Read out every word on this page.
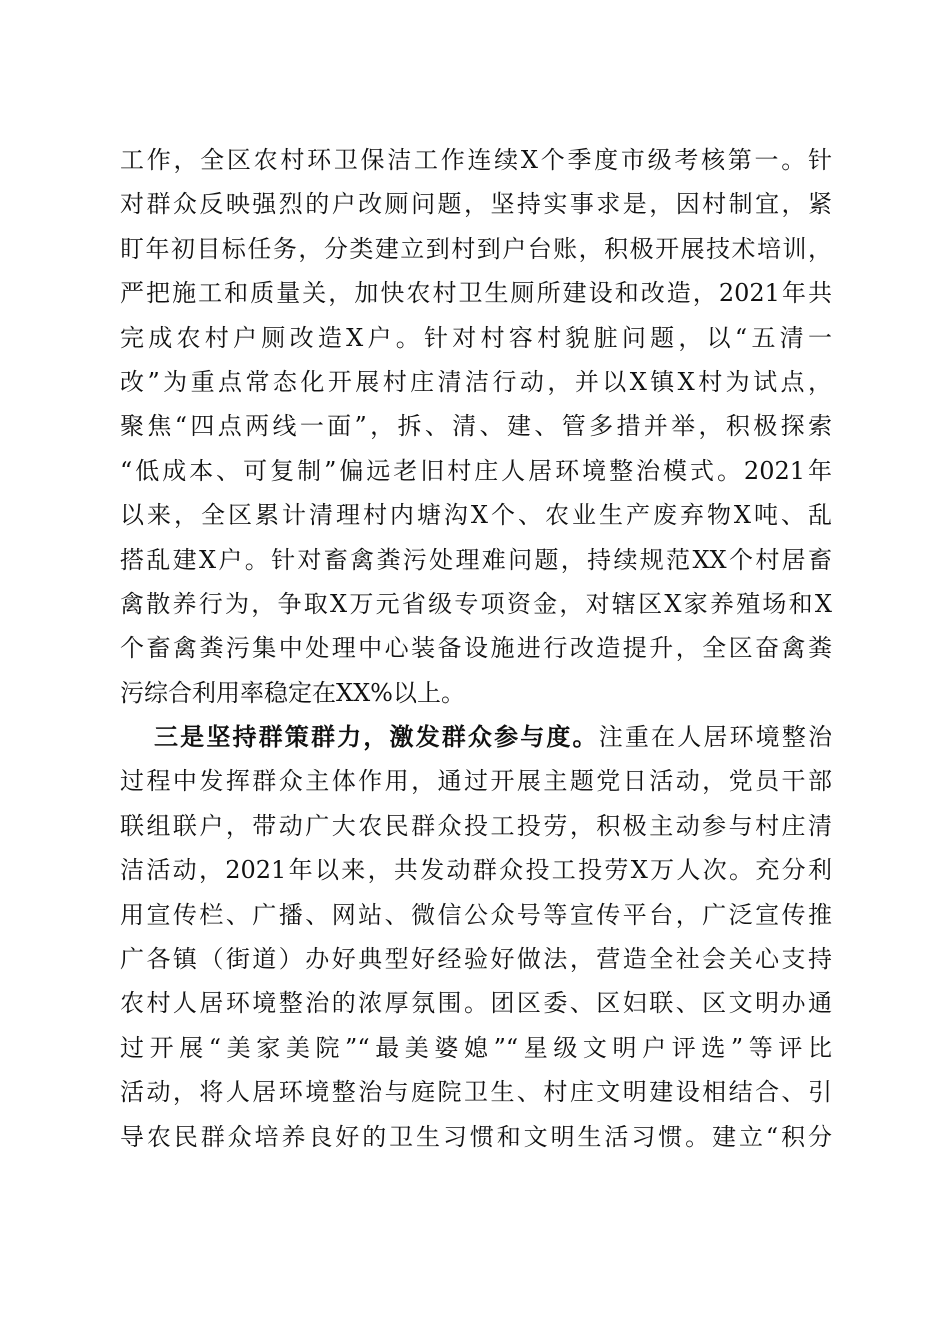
工作，全区农村环卫保洁工作连续X个季度市级考核第一。针
对群众反映强烈的户改厕问题，坚持实事求是，因村制宜，紧
盯年初目标任务，分类建立到村到户台账，积极开展技术培训，
严把施工和质量关，加快农村卫生厕所建设和改造，2021年共
完成农村户厕改造X户。针对村容村貌脏问题，以“五清一
改”为重点常态化开展村庄清洁行动，并以X镇X村为试点，
聚焦“四点两线一面”，拆、清、建、管多措并举，积极探索
“低成本、可复制”偏远老旧村庄人居环境整治模式。2021年
以来，全区累计清理村内塘沟X个、农业生产废弃物X吨、乱
搭乱建X户。针对畜禽粪污处理难问题，持续规范XX个村居畜
禽散养行为，争取X万元省级专项资金，对辖区X家养殖场和X
个畜禽粪污集中处理中心装备设施进行改造提升，全区奋禽粪
污综合利用率稳定在XX%以上。
三是坚持群策群力，激发群众参与度。注重在人居环境整治
过程中发挥群众主体作用，通过开展主题党日活动，党员干部
联组联户，带动广大农民群众投工投劳，积极主动参与村庄清
洁活动，2021年以来，共发动群众投工投劳X万人次。充分利
用宣传栏、广播、网站、微信公众号等宣传平台，广泛宣传推
广各镇（街道）办好典型好经验好做法，营造全社会关心支持
农村人居环境整治的浓厚氛围。团区委、区妇联、区文明办通
过开展“美家美院”“最美婆媳”“星级文明户评选”等评比
活动，将人居环境整治与庭院卫生、村庄文明建设相结合、引
导农民群众培养良好的卫生习惯和文明生活习惯。建立“积分
